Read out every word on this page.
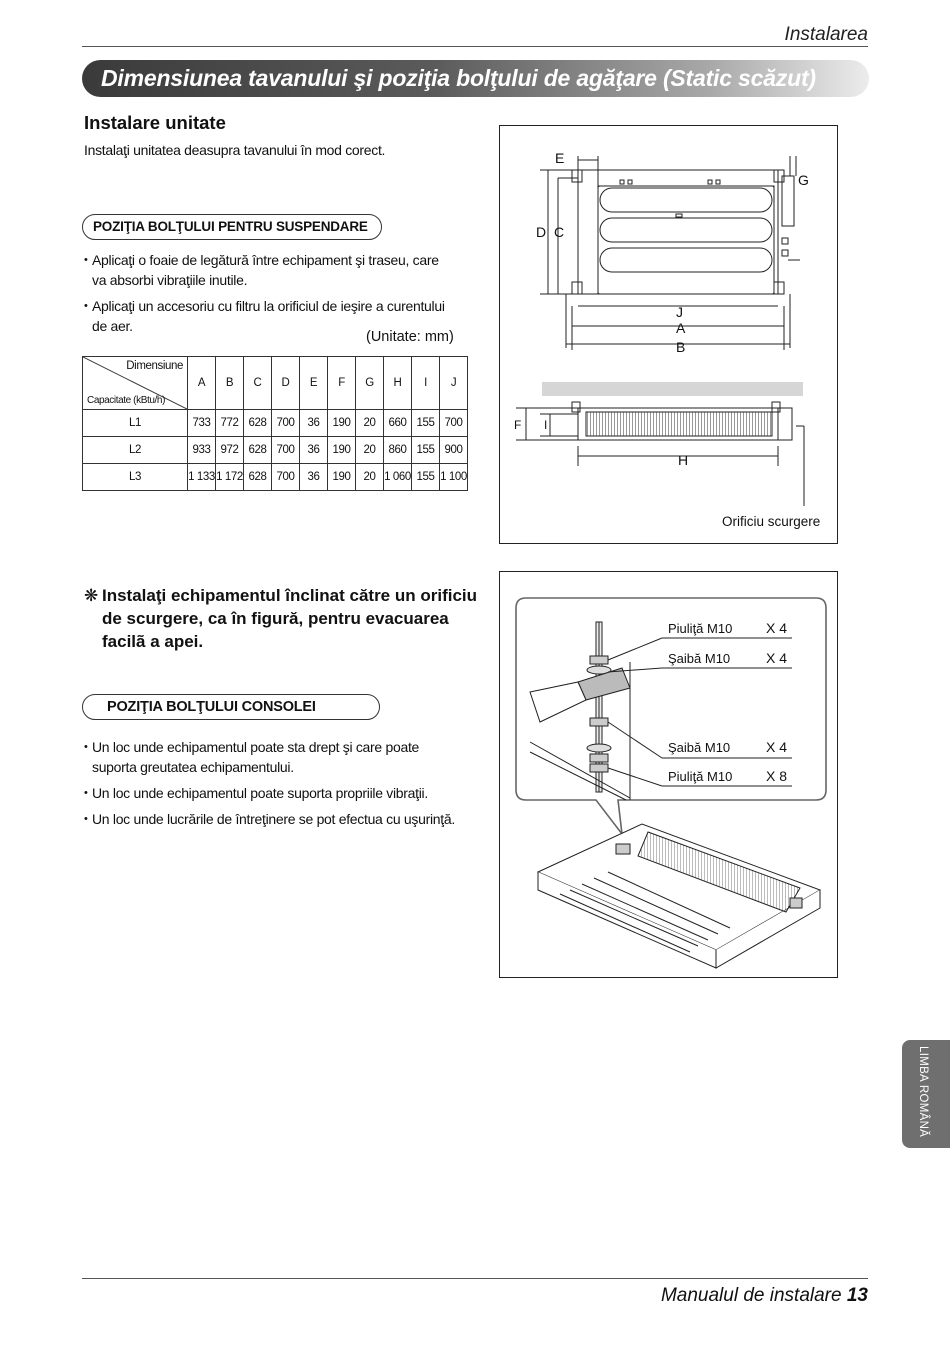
Instalarea
Dimensiunea tavanului şi poziţia bolţului de agăţare (Static scăzut)
Instalare unitate
Instalaţi unitatea deasupra tavanului în mod corect.
POZIŢIA BOLŢULUI PENTRU SUSPENDARE
• Aplicaţi o foaie de legătură între echipament şi traseu, care va absorbi vibraţiile inutile.
• Aplicaţi un accesoriu cu filtru la orificiul de ieşire a curentului de aer.
(Unitate: mm)
Dimensiune
Capacitate (kBtu/h)	A	B	C	D	E	F	G	H	I	J
L1	733	772	628	700	36	190	20	660	155	700
L2	933	972	628	700	36	190	20	860	155	900
L3	1 133	1 172	628	700	36	190	20	1 060	155	1 100
E
G
D C
J
A
B
F I
H
Orificiu scurgere
❋ Instalaţi echipamentul înclinat către un orificiu de scurgere, ca în figură, pentru evacuarea facilã a apei.
POZIŢIA BOLŢULUI CONSOLEI
• Un loc unde echipamentul poate sta drept şi care poate suporta greutatea echipamentului.
• Un loc unde echipamentul poate suporta propriile vibraţii.
• Un loc unde lucrările de întreţinere se pot efectua cu uşurinţă.
Piuliţă M10 X 4
Şaibă M10	X 4
Şaibă M10	X 4
Piuliţă M10 X 8
LIMBA ROMÂNĂ
Manualul de instalare 13
